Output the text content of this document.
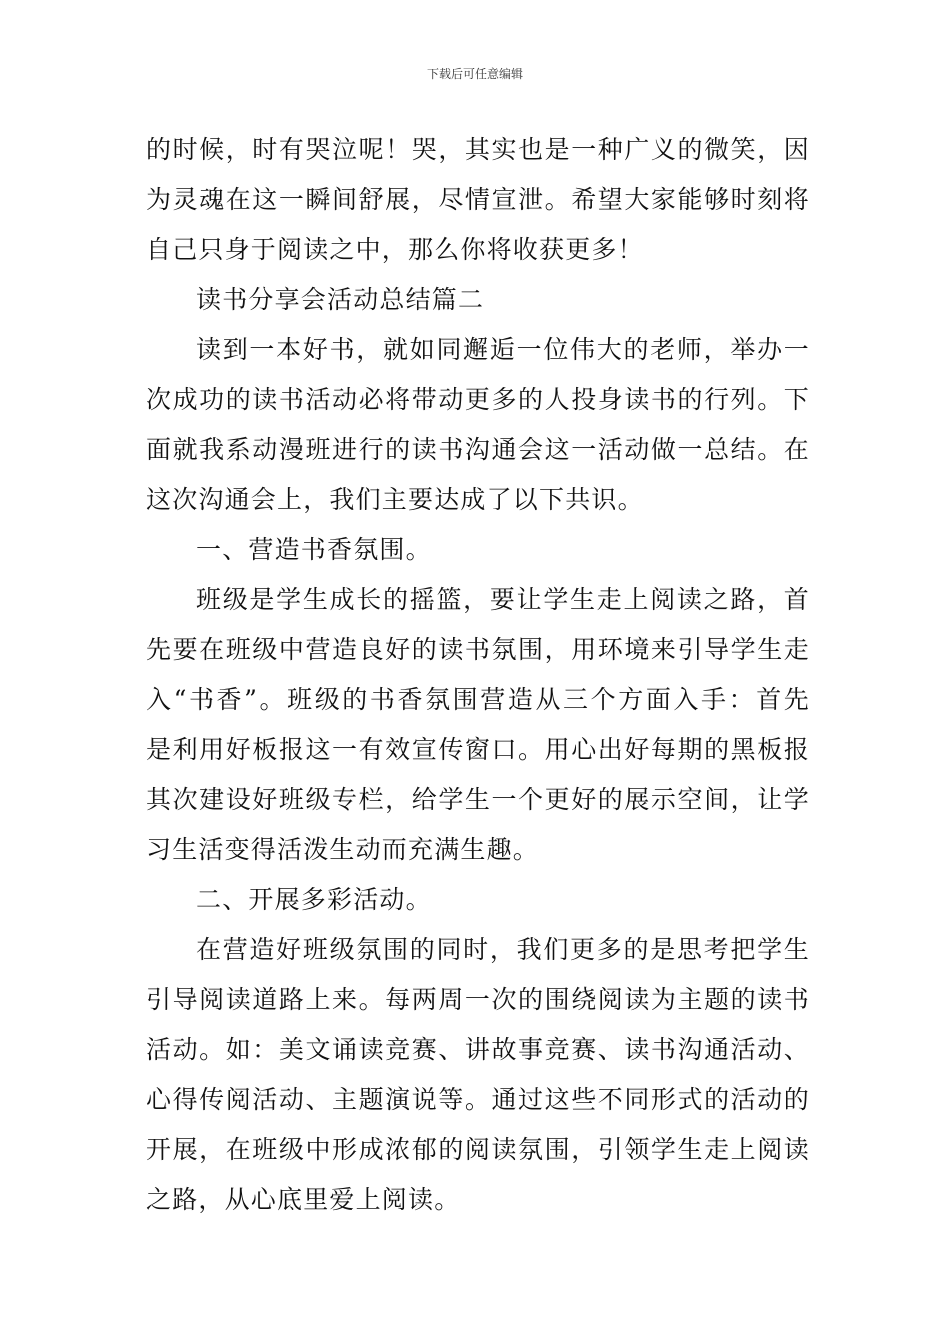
下载后可任意编辑
的时候，时有哭泣呢！哭，其实也是一种广义的微笑，因
为灵魂在这一瞬间舒展，尽情宣泄。希望大家能够时刻将
自己只身于阅读之中，那么你将收获更多！
读书分享会活动总结篇二
读到一本好书，就如同邂逅一位伟大的老师，举办一
次成功的读书活动必将带动更多的人投身读书的行列。下
面就我系动漫班进行的读书沟通会这一活动做一总结。在
这次沟通会上，我们主要达成了以下共识。
一、营造书香氛围。
班级是学生成长的摇篮，要让学生走上阅读之路，首
先要在班级中营造良好的读书氛围，用环境来引导学生走
入“书香”。班级的书香氛围营造从三个方面入手：首先
是利用好板报这一有效宣传窗口。用心出好每期的黑板报
其次建设好班级专栏，给学生一个更好的展示空间，让学
习生活变得活泼生动而充满生趣。
二、开展多彩活动。
在营造好班级氛围的同时，我们更多的是思考把学生
引导阅读道路上来。每两周一次的围绕阅读为主题的读书
活动。如：美文诵读竞赛、讲故事竞赛、读书沟通活动、
心得传阅活动、主题演说等。通过这些不同形式的活动的
开展，在班级中形成浓郁的阅读氛围，引领学生走上阅读
之路，从心底里爱上阅读。
